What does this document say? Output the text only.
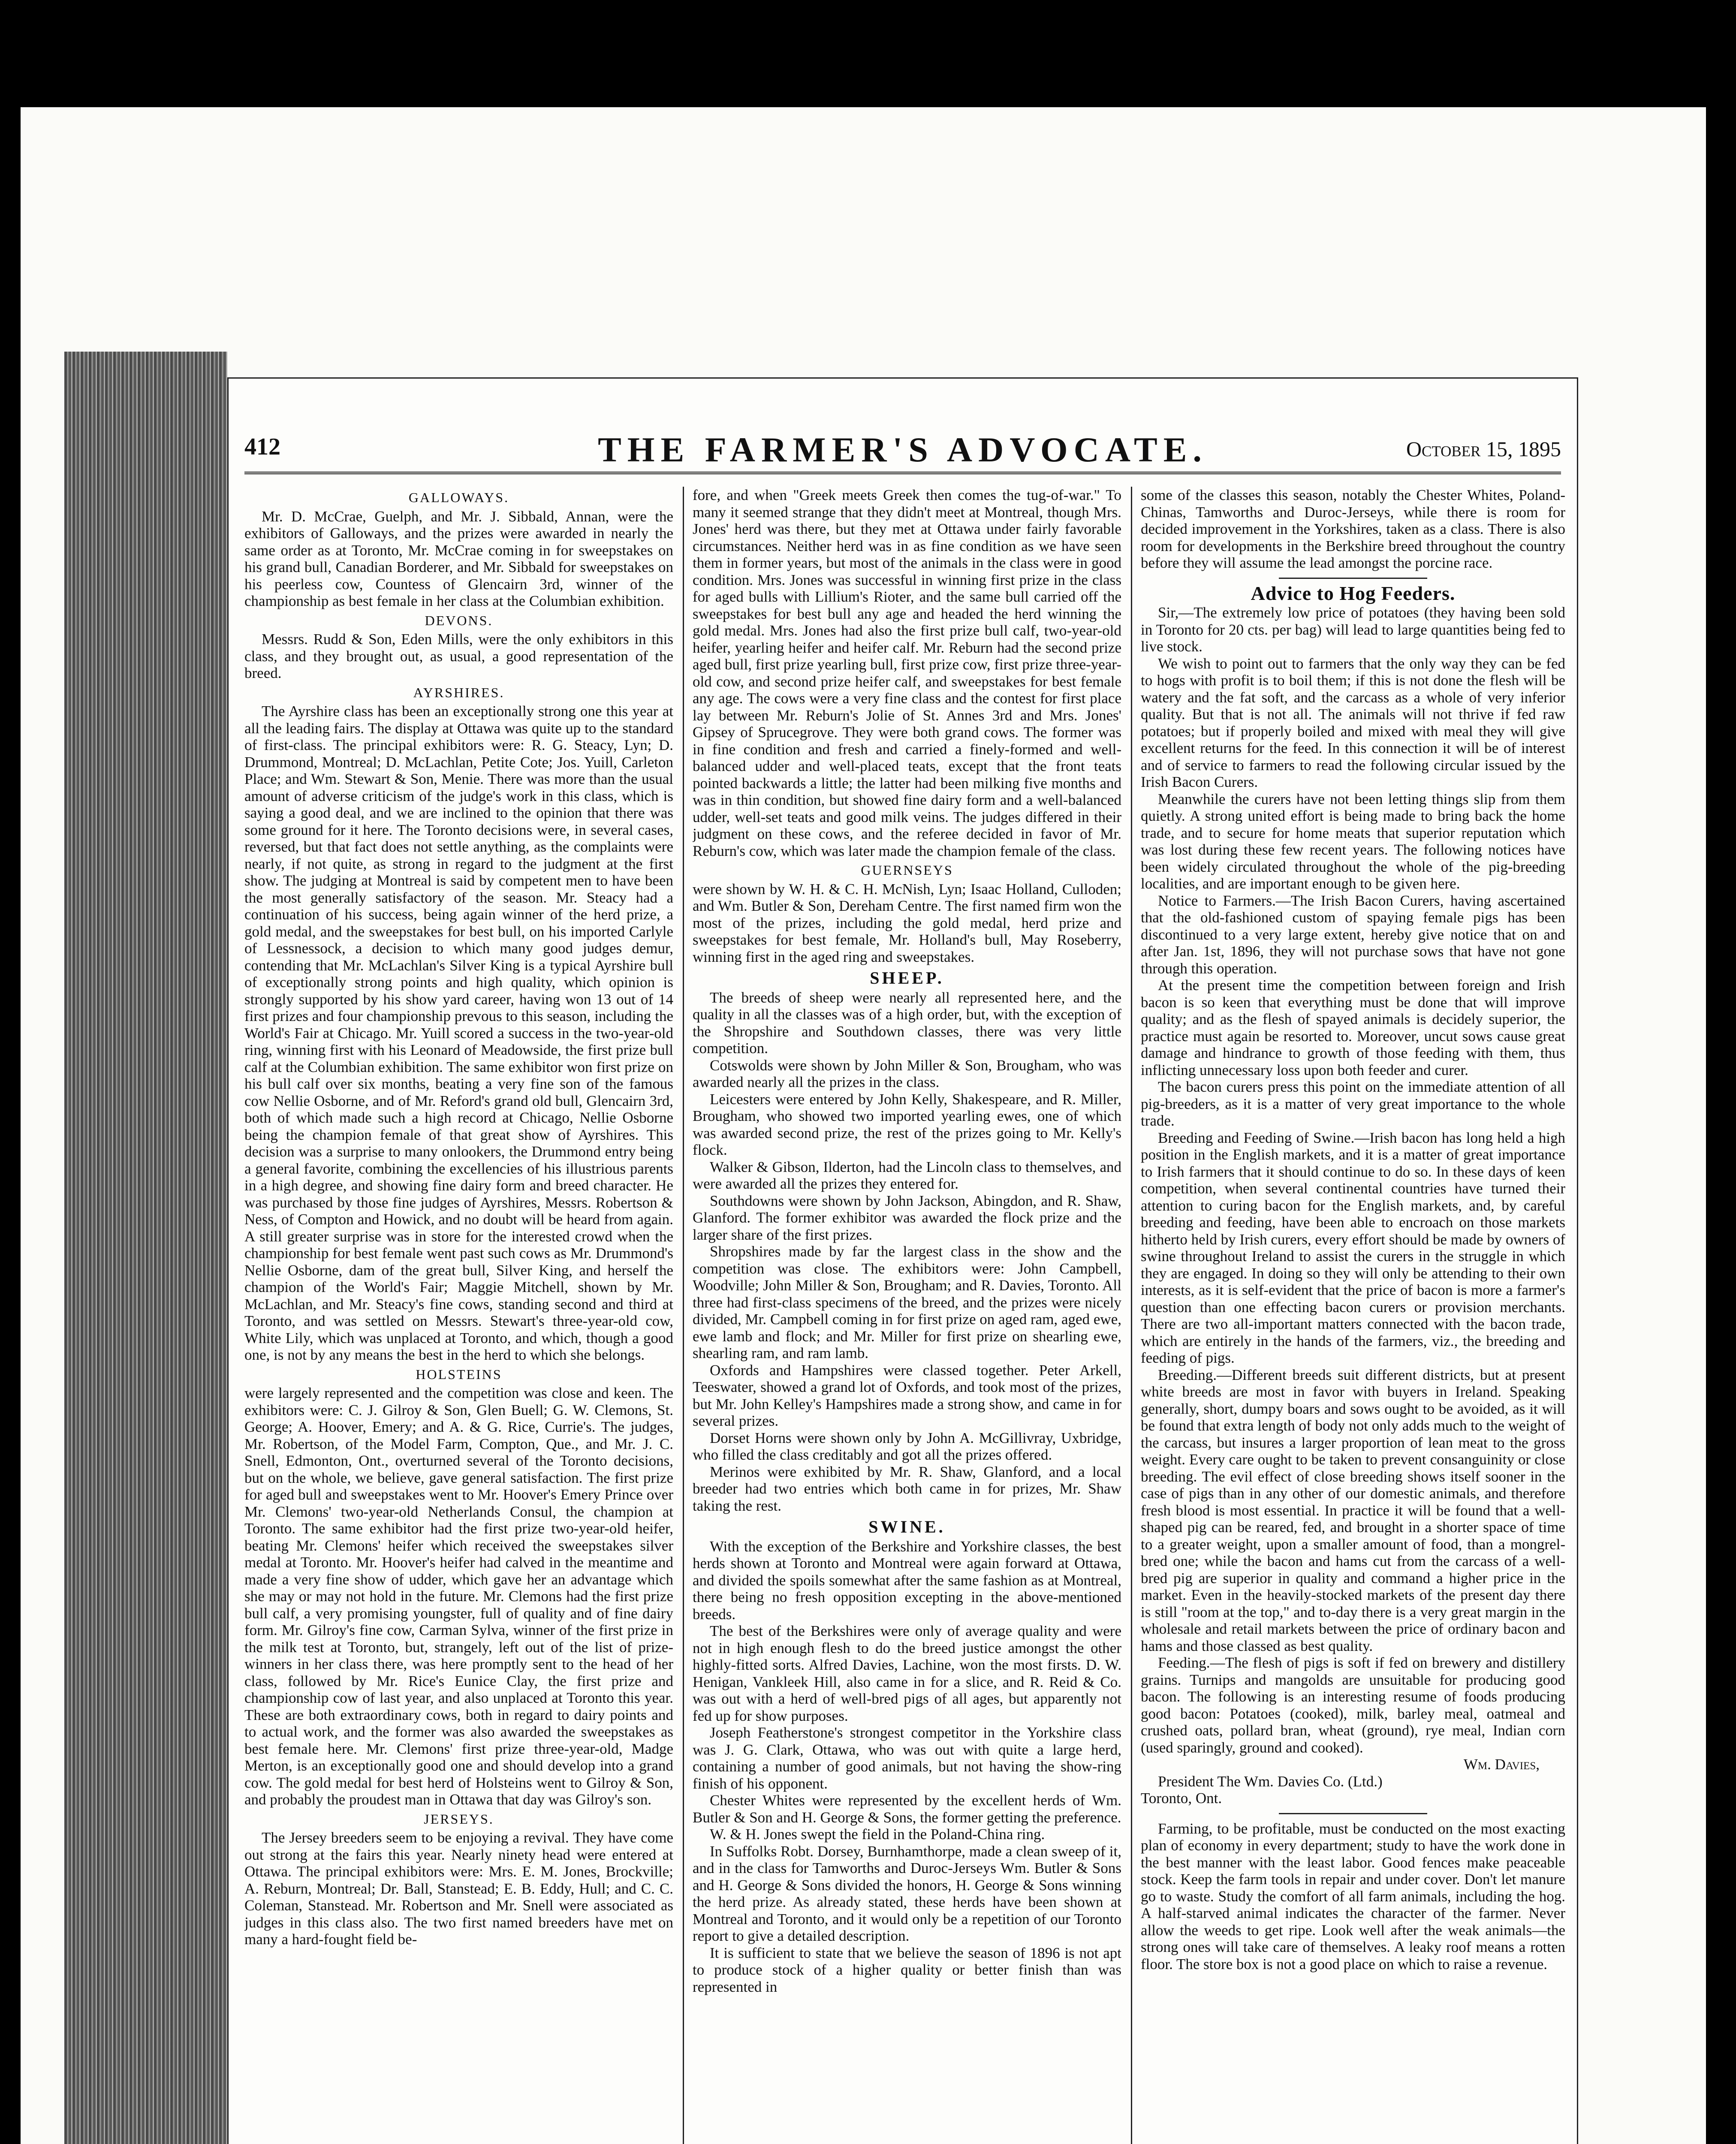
412	THE FARMER'S ADVOCATE.	October 15, 1895
GALLOWAYS.

Mr. D. McCrae, Guelph, and Mr. J. Sibbald, Annan, were the exhibitors of Galloways, and the prizes were awarded in nearly the same order as at Toronto, Mr. McCrae coming in for sweepstakes on his grand bull, Canadian Borderer, and Mr. Sibbald for sweepstakes on his peerless cow, Countess of Glencairn 3rd, winner of the championship as best female in her class at the Columbian exhibition.

DEVONS.

Messrs. Rudd & Son, Eden Mills, were the only exhibitors in this class, and they brought out, as usual, a good representation of the breed.

AYRSHIRES.

The Ayrshire class has been an exceptionally strong one this year at all the leading fairs. The display at Ottawa was quite up to the standard of first-class. The principal exhibitors were: R. G. Steacy, Lyn; D. Drummond, Montreal; D. McLachlan, Petite Cote; Jos. Yuill, Carleton Place; and Wm. Stewart & Son, Menie. There was more than the usual amount of adverse criticism of the judge's work in this class, which is saying a good deal, and we are inclined to the opinion that there was some ground for it here. The Toronto decisions were, in several cases, reversed, but that fact does not settle anything, as the complaints were nearly, if not quite, as strong in regard to the judgment at the first show. The judging at Montreal is said by competent men to have been the most generally satisfactory of the season. Mr. Steacy had a continuation of his success, being again winner of the herd prize, a gold medal, and the sweepstakes for best bull, on his imported Carlyle of Lessnessock, a decision to which many good judges demur, contending that Mr. McLachlan's Silver King is a typical Ayrshire bull of exceptionally strong points and high quality, which opinion is strongly supported by his show yard career, having won 13 out of 14 first prizes and four championship prevous to this season, including the World's Fair at Chicago. Mr. Yuill scored a success in the two-year-old ring, winning first with his Leonard of Meadowside, the first prize bull calf at the Columbian exhibition. The same exhibitor won first prize on his bull calf over six months, beating a very fine son of the famous cow Nellie Osborne, and of Mr. Reford's grand old bull, Glencairn 3rd, both of which made such a high record at Chicago, Nellie Osborne being the champion female of that great show of Ayrshires. This decision was a surprise to many onlookers, the Drummond entry being a general favorite, combining the excellencies of his illustrious parents in a high degree, and showing fine dairy form and breed character. He was purchased by those fine judges of Ayrshires, Messrs. Robertson & Ness, of Compton and Howick, and no doubt will be heard from again. A still greater surprise was in store for the interested crowd when the championship for best female went past such cows as Mr. Drummond's Nellie Osborne, dam of the great bull, Silver King, and herself the champion of the World's Fair; Maggie Mitchell, shown by Mr. McLachlan, and Mr. Steacy's fine cows, standing second and third at Toronto, and was settled on Messrs. Stewart's three-year-old cow, White Lily, which was unplaced at Toronto, and which, though a good one, is not by any means the best in the herd to which she belongs.

HOLSTEINS

were largely represented and the competition was close and keen. The exhibitors were: C. J. Gilroy & Son, Glen Buell; G. W. Clemons, St. George; A. Hoover, Emery; and A. & G. Rice, Currie's. The judges, Mr. Robertson, of the Model Farm, Compton, Que., and Mr. J. C. Snell, Edmonton, Ont., overturned several of the Toronto decisions, but on the whole, we believe, gave general satisfaction. The first prize for aged bull and sweepstakes went to Mr. Hoover's Emery Prince over Mr. Clemons' two-year-old Netherlands Consul, the champion at Toronto. The same exhibitor had the first prize two-year-old heifer, beating Mr. Clemons' heifer which received the sweepstakes silver medal at Toronto. Mr. Hoover's heifer had calved in the meantime and made a very fine show of udder, which gave her an advantage which she may or may not hold in the future. Mr. Clemons had the first prize bull calf, a very promising youngster, full of quality and of fine dairy form. Mr. Gilroy's fine cow, Carman Sylva, winner of the first prize in the milk test at Toronto, but, strangely, left out of the list of prize-winners in her class there, was here promptly sent to the head of her class, followed by Mr. Rice's Eunice Clay, the first prize and championship cow of last year, and also unplaced at Toronto this year. These are both extraordinary cows, both in regard to dairy points and to actual work, and the former was also awarded the sweepstakes as best female here. Mr. Clemons' first prize three-year-old, Madge Merton, is an exceptionally good one and should develop into a grand cow. The gold medal for best herd of Holsteins went to Gilroy & Son, and probably the proudest man in Ottawa that day was Gilroy's son.

JERSEYS.

The Jersey breeders seem to be enjoying a revival. They have come out strong at the fairs this year. Nearly ninety head were entered at Ottawa. The principal exhibitors were: Mrs. E. M. Jones, Brockville; A. Reburn, Montreal; Dr. Ball, Stanstead; E. B. Eddy, Hull; and C. C. Coleman, Stanstead. Mr. Robertson and Mr. Snell were associated as judges in this class also. The two first named breeders have met on many a hard-fought field be-

fore, and when "Greek meets Greek then comes the tug-of-war." To many it seemed strange that they didn't meet at Montreal, though Mrs. Jones' herd was there, but they met at Ottawa under fairly favorable circumstances. Neither herd was in as fine condition as we have seen them in former years, but most of the animals in the class were in good condition. Mrs. Jones was successful in winning first prize in the class for aged bulls with Lillium's Rioter, and the same bull carried off the sweepstakes for best bull any age and headed the herd winning the gold medal. Mrs. Jones had also the first prize bull calf, two-year-old heifer, yearling heifer and heifer calf. Mr. Reburn had the second prize aged bull, first prize yearling bull, first prize cow, first prize three-year-old cow, and second prize heifer calf, and sweepstakes for best female any age. The cows were a very fine class and the contest for first place lay between Mr. Reburn's Jolie of St. Annes 3rd and Mrs. Jones' Gipsey of Sprucegrove. They were both grand cows. The former was in fine condition and fresh and carried a finely-formed and well-balanced udder and well-placed teats, except that the front teats pointed backwards a little; the latter had been milking five months and was in thin condition, but showed fine dairy form and a well-balanced udder, well-set teats and good milk veins. The judges differed in their judgment on these cows, and the referee decided in favor of Mr. Reburn's cow, which was later made the champion female of the class.

GUERNSEYS

were shown by W. H. & C. H. McNish, Lyn; Isaac Holland, Culloden; and Wm. Butler & Son, Dereham Centre. The first named firm won the most of the prizes, including the gold medal, herd prize and sweepstakes for best female, Mr. Holland's bull, May Roseberry, winning first in the aged ring and sweepstakes.

SHEEP.

The breeds of sheep were nearly all represented here, and the quality in all the classes was of a high order, but, with the exception of the Shropshire and Southdown classes, there was very little competition.

Cotswolds were shown by John Miller & Son, Brougham, who was awarded nearly all the prizes in the class.

Leicesters were entered by John Kelly, Shakespeare, and R. Miller, Brougham, who showed two imported yearling ewes, one of which was awarded second prize, the rest of the prizes going to Mr. Kelly's flock.

Walker & Gibson, Ilderton, had the Lincoln class to themselves, and were awarded all the prizes they entered for.

Southdowns were shown by John Jackson, Abingdon, and R. Shaw, Glanford. The former exhibitor was awarded the flock prize and the larger share of the first prizes.

Shropshires made by far the largest class in the show and the competition was close. The exhibitors were: John Campbell, Woodville; John Miller & Son, Brougham; and R. Davies, Toronto. All three had first-class specimens of the breed, and the prizes were nicely divided, Mr. Campbell coming in for first prize on aged ram, aged ewe, ewe lamb and flock; and Mr. Miller for first prize on shearling ewe, shearling ram, and ram lamb.

Oxfords and Hampshires were classed together. Peter Arkell, Teeswater, showed a grand lot of Oxfords, and took most of the prizes, but Mr. John Kelley's Hampshires made a strong show, and came in for several prizes.

Dorset Horns were shown only by John A. McGillivray, Uxbridge, who filled the class creditably and got all the prizes offered.

Merinos were exhibited by Mr. R. Shaw, Glanford, and a local breeder had two entries which both came in for prizes, Mr. Shaw taking the rest.

SWINE.

With the exception of the Berkshire and Yorkshire classes, the best herds shown at Toronto and Montreal were again forward at Ottawa, and divided the spoils somewhat after the same fashion as at Montreal, there being no fresh opposition excepting in the above-mentioned breeds.

The best of the Berkshires were only of average quality and were not in high enough flesh to do the breed justice amongst the other highly-fitted sorts. Alfred Davies, Lachine, won the most firsts. D. W. Henigan, Vankleek Hill, also came in for a slice, and R. Reid & Co. was out with a herd of well-bred pigs of all ages, but apparently not fed up for show purposes.

Joseph Featherstone's strongest competitor in the Yorkshire class was J. G. Clark, Ottawa, who was out with quite a large herd, containing a number of good animals, but not having the show-ring finish of his opponent.

Chester Whites were represented by the excellent herds of Wm. Butler & Son and H. George & Sons, the former getting the preference.

W. & H. Jones swept the field in the Poland-China ring.

In Suffolks Robt. Dorsey, Burnhamthorpe, made a clean sweep of it, and in the class for Tamworths and Duroc-Jerseys Wm. Butler & Sons and H. George & Sons divided the honors, H. George & Sons winning the herd prize. As already stated, these herds have been shown at Montreal and Toronto, and it would only be a repetition of our Toronto report to give a detailed description.

It is sufficient to state that we believe the season of 1896 is not apt to produce stock of a higher quality or better finish than was represented in

some of the classes this season, notably the Chester Whites, Poland-Chinas, Tamworths and Duroc-Jerseys, while there is room for decided improvement in the Yorkshires, taken as a class. There is also room for developments in the Berkshire breed throughout the country before they will assume the lead amongst the porcine race.

Advice to Hog Feeders.

Sir,—The extremely low price of potatoes (they having been sold in Toronto for 20 cts. per bag) will lead to large quantities being fed to live stock.

We wish to point out to farmers that the only way they can be fed to hogs with profit is to boil them; if this is not done the flesh will be watery and the fat soft, and the carcass as a whole of very inferior quality. But that is not all. The animals will not thrive if fed raw potatoes; but if properly boiled and mixed with meal they will give excellent returns for the feed. In this connection it will be of interest and of service to farmers to read the following circular issued by the Irish Bacon Curers.

Meanwhile the curers have not been letting things slip from them quietly. A strong united effort is being made to bring back the home trade, and to secure for home meats that superior reputation which was lost during these few recent years. The following notices have been widely circulated throughout the whole of the pig-breeding localities, and are important enough to be given here.

Notice to Farmers.—The Irish Bacon Curers, having ascertained that the old-fashioned custom of spaying female pigs has been discontinued to a very large extent, hereby give notice that on and after Jan. 1st, 1896, they will not purchase sows that have not gone through this operation.

At the present time the competition between foreign and Irish bacon is so keen that everything must be done that will improve quality; and as the flesh of spayed animals is decidely superior, the practice must again be resorted to. Moreover, uncut sows cause great damage and hindrance to growth of those feeding with them, thus inflicting unnecessary loss upon both feeder and curer.

The bacon curers press this point on the immediate attention of all pig-breeders, as it is a matter of very great importance to the whole trade.

Breeding and Feeding of Swine.—Irish bacon has long held a high position in the English markets, and it is a matter of great importance to Irish farmers that it should continue to do so. In these days of keen competition, when several continental countries have turned their attention to curing bacon for the English markets, and, by careful breeding and feeding, have been able to encroach on those markets hitherto held by Irish curers, every effort should be made by owners of swine throughout Ireland to assist the curers in the struggle in which they are engaged. In doing so they will only be attending to their own interests, as it is self-evident that the price of bacon is more a farmer's question than one effecting bacon curers or provision merchants. There are two all-important matters connected with the bacon trade, which are entirely in the hands of the farmers, viz., the breeding and feeding of pigs.

Breeding.—Different breeds suit different districts, but at present white breeds are most in favor with buyers in Ireland. Speaking generally, short, dumpy boars and sows ought to be avoided, as it will be found that extra length of body not only adds much to the weight of the carcass, but insures a larger proportion of lean meat to the gross weight. Every care ought to be taken to prevent consanguinity or close breeding. The evil effect of close breeding shows itself sooner in the case of pigs than in any other of our domestic animals, and therefore fresh blood is most essential. In practice it will be found that a well-shaped pig can be reared, fed, and brought in a shorter space of time to a greater weight, upon a smaller amount of food, than a mongrel-bred one; while the bacon and hams cut from the carcass of a well-bred pig are superior in quality and command a higher price in the market. Even in the heavily-stocked markets of the present day there is still "room at the top," and to-day there is a very great margin in the wholesale and retail markets between the price of ordinary bacon and hams and those classed as best quality.

Feeding.—The flesh of pigs is soft if fed on brewery and distillery grains. Turnips and mangolds are unsuitable for producing good bacon. The following is an interesting resume of foods producing good bacon: Potatoes (cooked), milk, barley meal, oatmeal and crushed oats, pollard bran, wheat (ground), rye meal, Indian corn (used sparingly, ground and cooked).

Wm. Davies,

President The Wm. Davies Co. (Ltd.)

Toronto, Ont.

Farming, to be profitable, must be conducted on the most exacting plan of economy in every department; study to have the work done in the best manner with the least labor. Good fences make peaceable stock. Keep the farm tools in repair and under cover. Don't let manure go to waste. Study the comfort of all farm animals, including the hog. A half-starved animal indicates the character of the farmer. Never allow the weeds to get ripe. Look well after the weak animals—the strong ones will take care of themselves. A leaky roof means a rotten floor. The store box is not a good place on which to raise a revenue.
